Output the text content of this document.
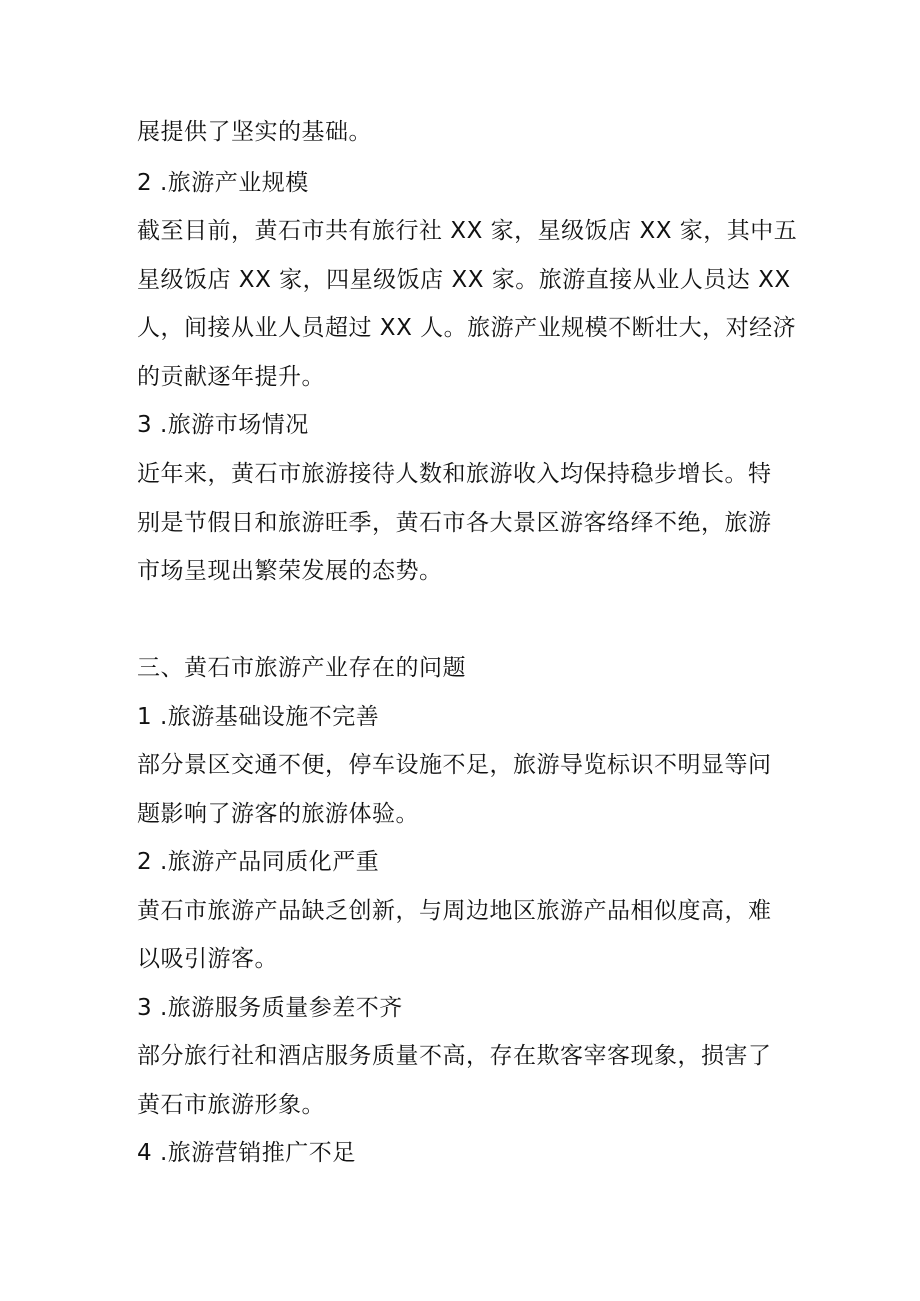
展提供了坚实的基础。
2 .旅游产业规模
截至目前，黄石市共有旅行社 XX 家，星级饭店 XX 家，其中五
星级饭店 XX 家，四星级饭店 XX 家。旅游直接从业人员达 XX
人，间接从业人员超过 XX 人。旅游产业规模不断壮大，对经济
的贡献逐年提升。
3 .旅游市场情况
近年来，黄石市旅游接待人数和旅游收入均保持稳步增长。特
别是节假日和旅游旺季，黄石市各大景区游客络绎不绝，旅游
市场呈现出繁荣发展的态势。
三、黄石市旅游产业存在的问题
1 .旅游基础设施不完善
部分景区交通不便，停车设施不足，旅游导览标识不明显等问
题影响了游客的旅游体验。
2 .旅游产品同质化严重
黄石市旅游产品缺乏创新，与周边地区旅游产品相似度高，难
以吸引游客。
3 .旅游服务质量参差不齐
部分旅行社和酒店服务质量不高，存在欺客宰客现象，损害了
黄石市旅游形象。
4 .旅游营销推广不足
